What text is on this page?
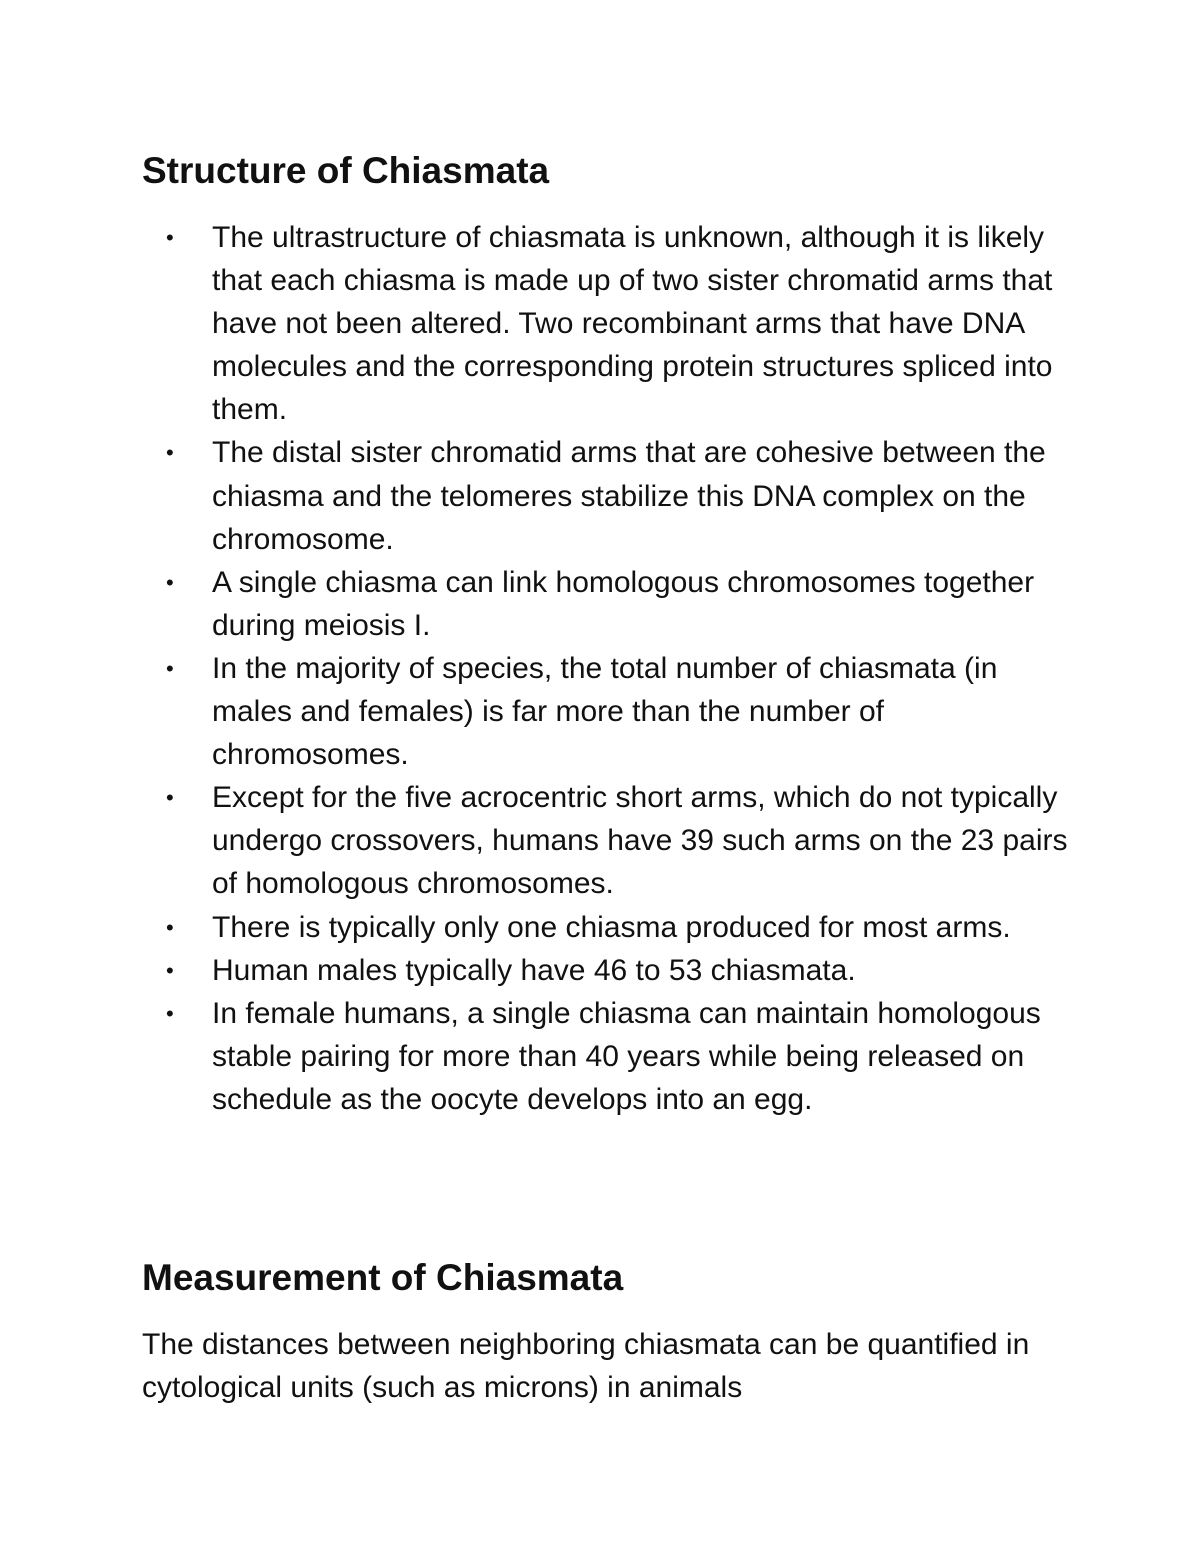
Structure of Chiasmata
• The ultrastructure of chiasmata is unknown, although it is likely that each chiasma is made up of two sister chromatid arms that have not been altered. Two recombinant arms that have DNA molecules and the corresponding protein structures spliced into them.
• The distal sister chromatid arms that are cohesive between the chiasma and the telomeres stabilize this DNA complex on the chromosome.
• A single chiasma can link homologous chromosomes together during meiosis I.
• In the majority of species, the total number of chiasmata (in males and females) is far more than the number of chromosomes.
• Except for the five acrocentric short arms, which do not typically undergo crossovers, humans have 39 such arms on the 23 pairs of homologous chromosomes.
• There is typically only one chiasma produced for most arms.
• Human males typically have 46 to 53 chiasmata.
• In female humans, a single chiasma can maintain homologous stable pairing for more than 40 years while being released on schedule as the oocyte develops into an egg.
Measurement of Chiasmata

The distances between neighboring chiasmata can be quantified in cytological units (such as microns) in animals
